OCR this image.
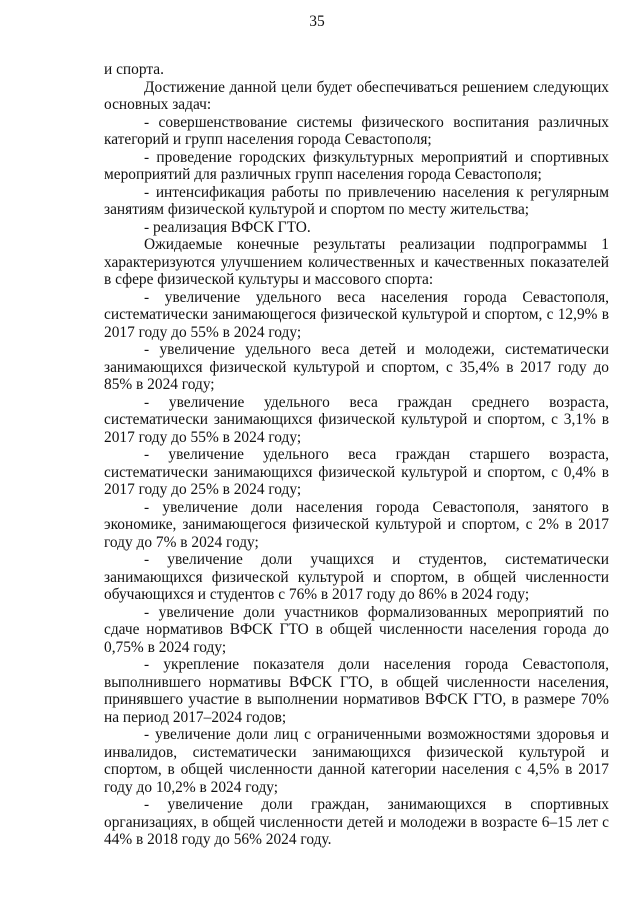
35

и спорта.

Достижение данной цели будет обеспечиваться решением следующих основных задач:

- совершенствование системы физического воспитания различных категорий и групп населения города Севастополя;

- проведение городских физкультурных мероприятий и спортивных мероприятий для различных групп населения города Севастополя;

- интенсификация работы по привлечению населения к регулярным занятиям физической культурой и спортом по месту жительства;

- реализация ВФСК ГТО.

Ожидаемые конечные результаты реализации подпрограммы 1 характеризуются улучшением количественных и качественных показателей в сфере физической культуры и массового спорта:

- увеличение удельного веса населения города Севастополя, систематически занимающегося физической культурой и спортом, с 12,9% в 2017 году до 55% в 2024 году;

- увеличение удельного веса детей и молодежи, систематически занимающихся физической культурой и спортом, с 35,4% в 2017 году до 85% в 2024 году;

- увеличение удельного веса граждан среднего возраста, систематически занимающихся физической культурой и спортом, с 3,1% в 2017 году до 55% в 2024 году;

- увеличение удельного веса граждан старшего возраста, систематически занимающихся физической культурой и спортом, с 0,4% в 2017 году до 25% в 2024 году;

- увеличение доли населения города Севастополя, занятого в экономике, занимающегося физической культурой и спортом, с 2% в 2017 году до 7% в 2024 году;

- увеличение доли учащихся и студентов, систематически занимающихся физической культурой и спортом, в общей численности обучающихся и студентов с 76% в 2017 году до 86% в 2024 году;

- увеличение доли участников формализованных мероприятий по сдаче нормативов ВФСК ГТО в общей численности населения города до 0,75% в 2024 году;

- укрепление показателя доли населения города Севастополя, выполнившего нормативы ВФСК ГТО, в общей численности населения, принявшего участие в выполнении нормативов ВФСК ГТО, в размере 70% на период 2017–2024 годов;

- увеличение доли лиц с ограниченными возможностями здоровья и инвалидов, систематически занимающихся физической культурой и спортом, в общей численности данной категории населения с 4,5% в 2017 году до 10,2% в 2024 году;

- увеличение доли граждан, занимающихся в спортивных организациях, в общей численности детей и молодежи в возрасте 6–15 лет с 44% в 2018 году до 56% 2024 году.
